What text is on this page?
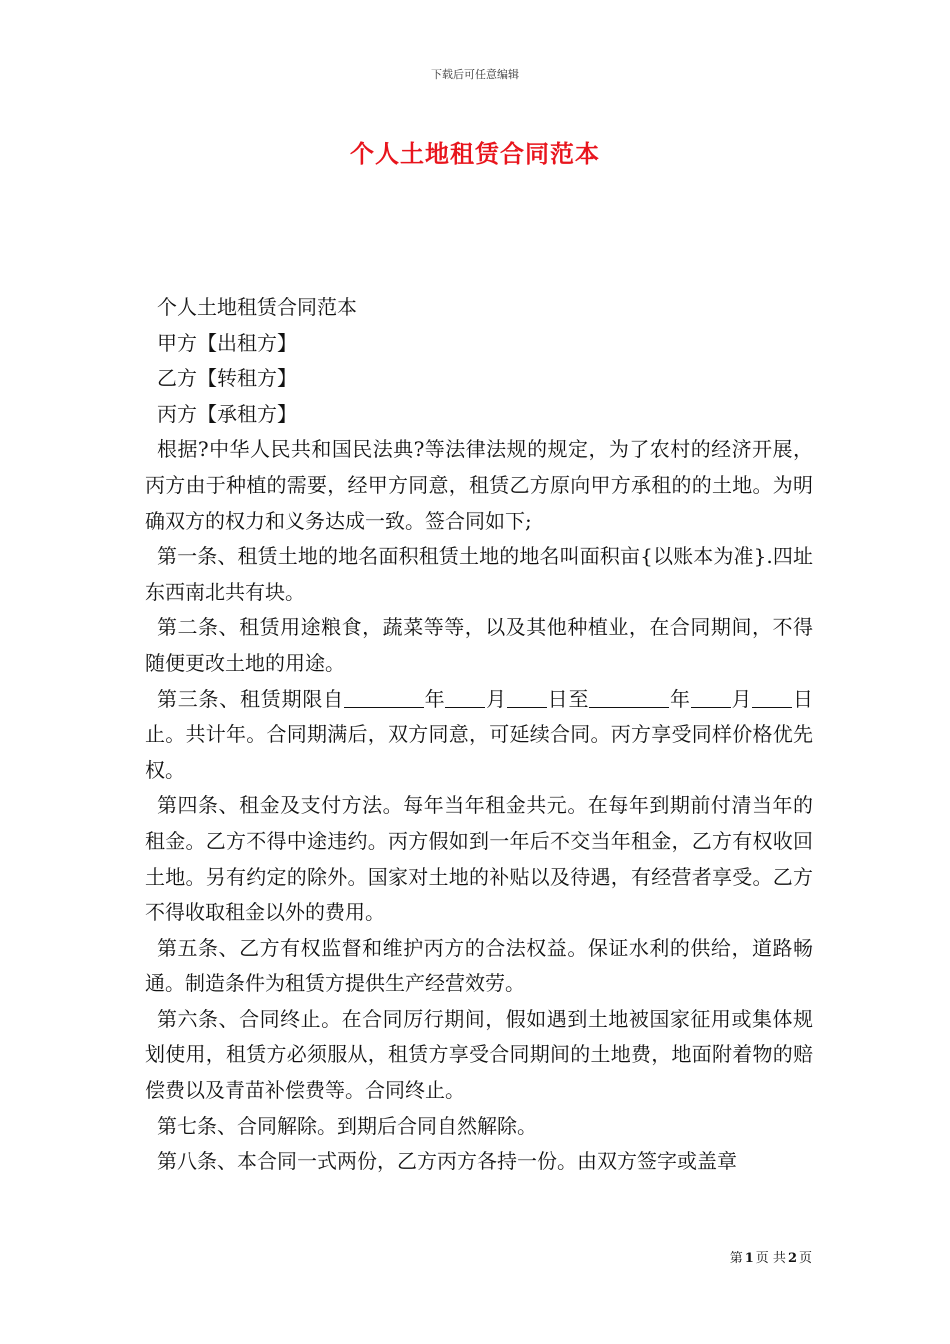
下载后可任意编辑
个人土地租赁合同范本

个人土地租赁合同范本

甲方【出租方】

乙方【转租方】

丙方【承租方】

根据?中华人民共和国民法典?等法律法规的规定，为了农村的经济开展，丙方由于种植的需要，经甲方同意，租赁乙方原向甲方承租的的土地。为明确双方的权力和义务达成一致。签合同如下;

第一条、租赁土地的地名面积租赁土地的地名叫面积亩{以账本为准}.四址东西南北共有块。

第二条、租赁用途粮食，蔬菜等等，以及其他种植业，在合同期间，不得随便更改土地的用途。

第三条、租赁期限自	年 月 日至	年 月 日止。共计年。合同期满后，双方同意，可延续合同。丙方享受同样价格优先权。

第四条、租金及支付方法。每年当年租金共元。在每年到期前付清当年的租金。乙方不得中途违约。丙方假如到一年后不交当年租金，乙方有权收回土地。另有约定的除外。国家对土地的补贴以及待遇，有经营者享受。乙方不得收取租金以外的费用。

第五条、乙方有权监督和维护丙方的合法权益。保证水利的供给，道路畅通。制造条件为租赁方提供生产经营效劳。

第六条、合同终止。在合同厉行期间，假如遇到土地被国家征用或集体规划使用，租赁方必须服从，租赁方享受合同期间的土地费，地面附着物的赔偿费以及青苗补偿费等。合同终止。

第七条、合同解除。到期后合同自然解除。

第八条、本合同一式两份，乙方丙方各持一份。由双方签字或盖章

第 1 页 共 2 页
